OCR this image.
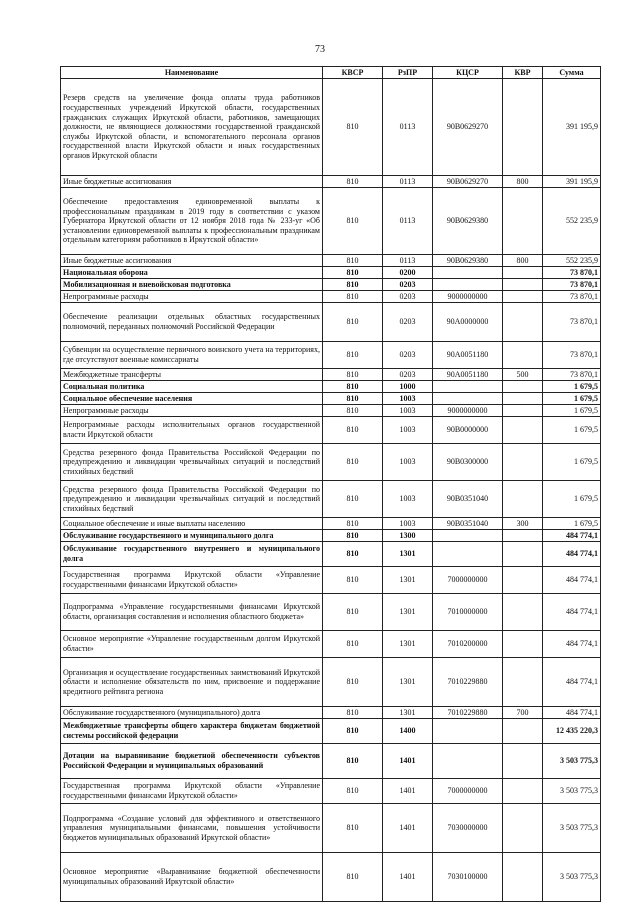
73
Наименование	КВСР	РзПР	КЦСР	КВР	Сумма
Резерв средств на увеличение фонда оплаты труда работников государственных учреждений Иркутской области, государственных гражданских служащих Иркутской области, работников, замещающих должности, не являющиеся должностями государственной гражданской службы Иркутской области, и вспомогательного персонала органов государственной власти Иркутской области и иных государственных органов Иркутской области	810	0113	90B0629270		391 195,9
Иные бюджетные ассигнования	810	0113	90B0629270	800	391 195,9
Обеспечение предоставления единовременной выплаты к профессиональным праздникам в 2019 году в соответствии с указом Губернатора Иркутской области от 12 ноября 2018 года № 233-уг «Об установлении единовременной выплаты к профессиональным праздникам отдельным категориям работников в Иркутской области»	810	0113	90B0629380		552 235,9
Иные бюджетные ассигнования	810	0113	90B0629380	800	552 235,9
Национальная оборона	810	0200			73 870,1
Мобилизационная и вневойсковая подготовка	810	0203			73 870,1
Непрограммные расходы	810	0203	9000000000		73 870,1
Обеспечение реализации отдельных областных государственных полномочий, переданных полномочий Российской Федерации	810	0203	90A0000000		73 870,1
Субвенции на осуществление первичного воинского учета на территориях, где отсутствуют военные комиссариаты	810	0203	90A0051180		73 870,1
Межбюджетные трансферты	810	0203	90A0051180	500	73 870,1
Социальная политика	810	1000			1 679,5
Социальное обеспечение населения	810	1003			1 679,5
Непрограммные расходы	810	1003	9000000000		1 679,5
Непрограммные расходы исполнительных органов государственной власти Иркутской области	810	1003	90B0000000		1 679,5
Средства резервного фонда Правительства Российской Федерации по предупреждению и ликвидации чрезвычайных ситуаций и последствий стихийных бедствий	810	1003	90B0300000		1 679,5
Средства резервного фонда Правительства Российской Федерации по предупреждению и ликвидации чрезвычайных ситуаций и последствий стихийных бедствий	810	1003	90B0351040		1 679,5
Социальное обеспечение и иные выплаты населению	810	1003	90B0351040	300	1 679,5
Обслуживание государственного и муниципального долга	810	1300			484 774,1
Обслуживание государственного внутреннего и муниципального долга	810	1301			484 774,1
Государственная программа Иркутской области «Управление государственными финансами Иркутской области»	810	1301	7000000000		484 774,1
Подпрограмма «Управление государственными финансами Иркутской области, организация составления и исполнения областного бюджета»	810	1301	7010000000		484 774,1
Основное мероприятие «Управление государственным долгом Иркутской области»	810	1301	7010200000		484 774,1
Организация и осуществление государственных заимствований Иркутской области и исполнение обязательств по ним, присвоение и поддержание кредитного рейтинга региона	810	1301	7010229880		484 774,1
Обслуживание государственного (муниципального) долга	810	1301	7010229880	700	484 774,1
Межбюджетные трансферты общего характера бюджетам бюджетной системы российской федерации	810	1400			12 435 220,3
Дотации на выравнивание бюджетной обеспеченности субъектов Российской Федерации и муниципальных образований	810	1401			3 503 775,3
Государственная программа Иркутской области «Управление государственными финансами Иркутской области»	810	1401	7000000000		3 503 775,3
Подпрограмма «Создание условий для эффективного и ответственного управления муниципальными финансами, повышения устойчивости бюджетов муниципальных образований Иркутской области»	810	1401	7030000000		3 503 775,3
Основное мероприятие «Выравнивание бюджетной обеспеченности муниципальных образований Иркутской области»	810	1401	7030100000		3 503 775,3
